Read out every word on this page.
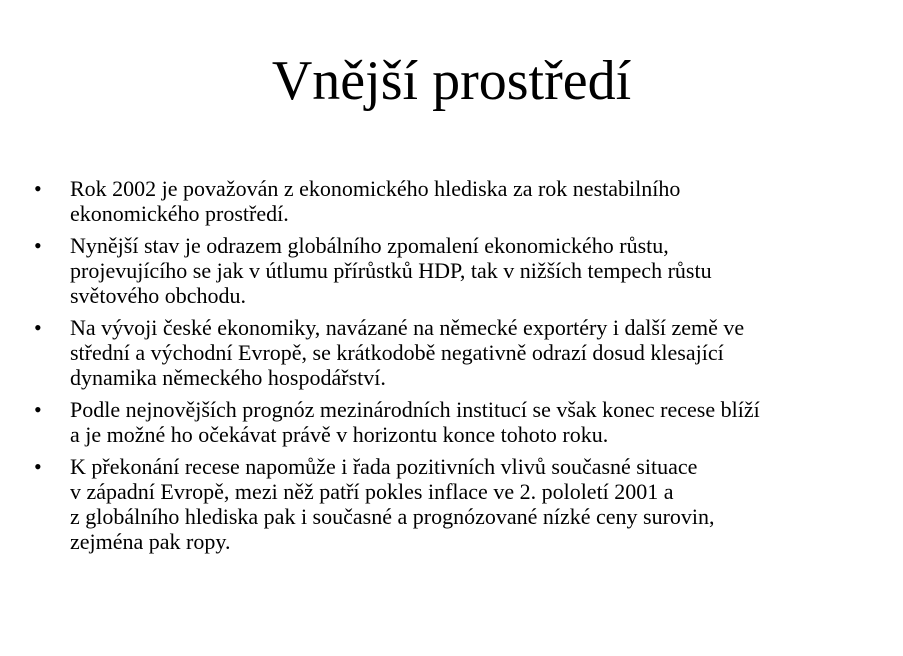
Vnější prostředí
•	Rok 2002 je považován z ekonomického hlediska za rok nestabilního
ekonomického prostředí.
•	Nynější stav je odrazem globálního zpomalení ekonomického růstu,
projevujícího se jak v útlumu přírůstků HDP, tak v nižších tempech růstu
světového obchodu.
•	Na vývoji české ekonomiky, navázané na německé exportéry i další země ve
střední a východní Evropě, se krátkodobě negativně odrazí dosud klesající
dynamika německého hospodářství.
•	Podle nejnovějších prognóz mezinárodních institucí se však konec recese blíží
a je možné ho očekávat právě v horizontu konce tohoto roku.
•	K překonání recese napomůže i řada pozitivních vlivů současné situace
v západní Evropě, mezi něž patří pokles inflace ve 2. pololetí 2001 a
z globálního hlediska pak i současné a prognózované nízké ceny surovin,
zejména pak ropy.
